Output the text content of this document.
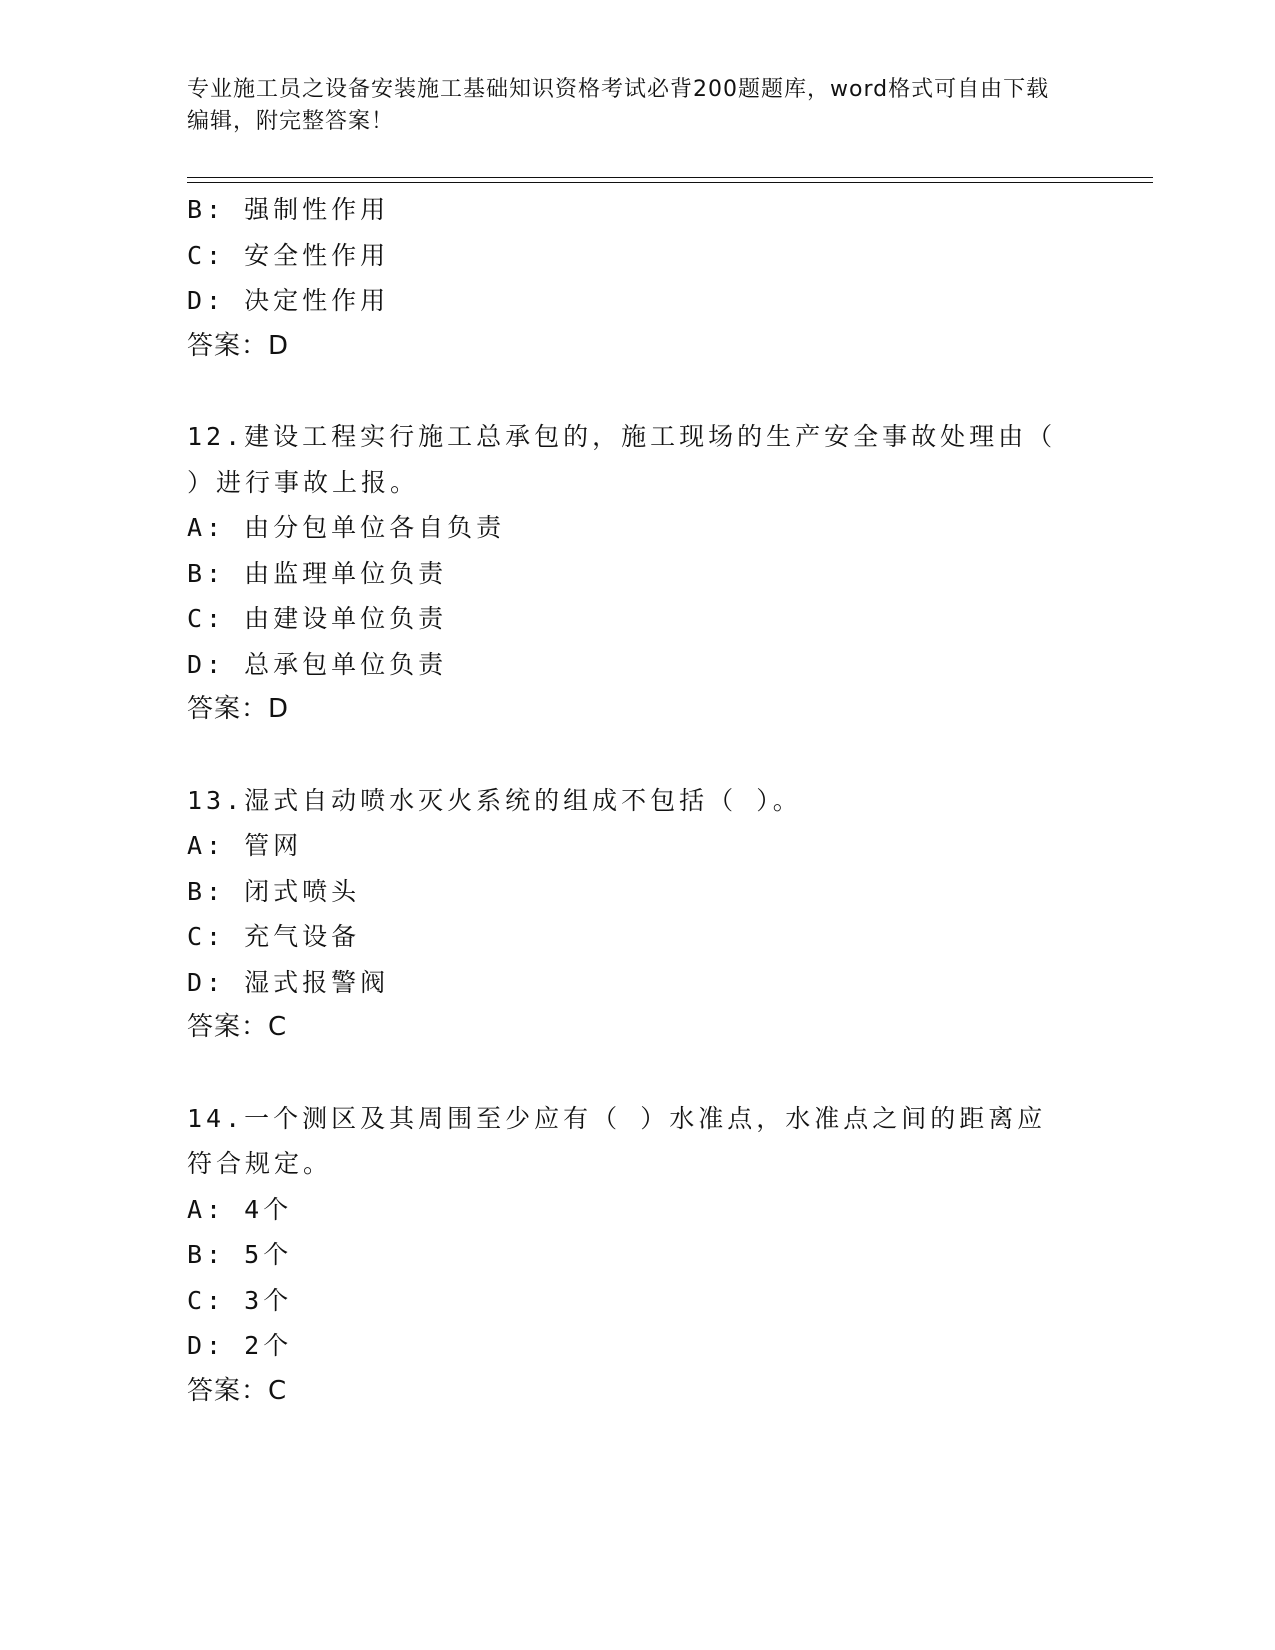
专业施工员之设备安装施工基础知识资格考试必背200题题库，word格式可自由下载编辑，附完整答案！
B: 强制性作用
C: 安全性作用
D: 决定性作用
答案：D
12.建设工程实行施工总承包的，施工现场的生产安全事故处理由（ ）进行事故上报。
A: 由分包单位各自负责
B: 由监理单位负责
C: 由建设单位负责
D: 总承包单位负责
答案：D
13.湿式自动喷水灭火系统的组成不包括（ ）。
A: 管网
B: 闭式喷头
C: 充气设备
D: 湿式报警阀
答案：C
14.一个测区及其周围至少应有（ ）水准点，水准点之间的距离应符合规定。
A: 4个
B: 5个
C: 3个
D: 2个
答案：C
